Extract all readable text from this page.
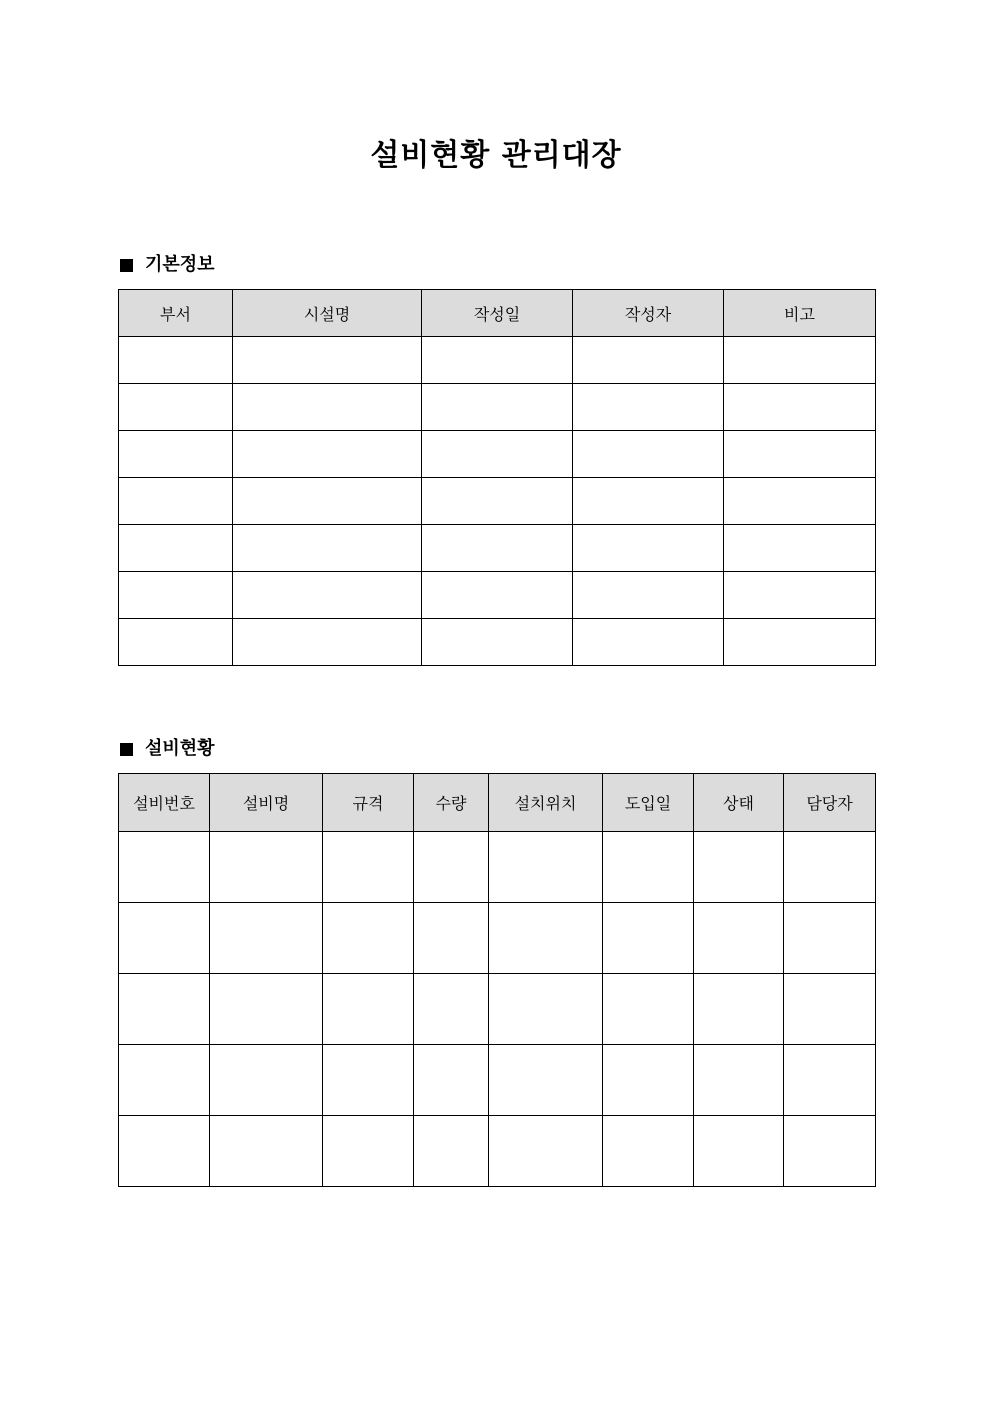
설비현황 관리대장
기본정보
부서	시설명	작성일	작성자	비고

설비현황
설비번호	설비명	규격	수량	설치위치	도입일	상태	담당자
